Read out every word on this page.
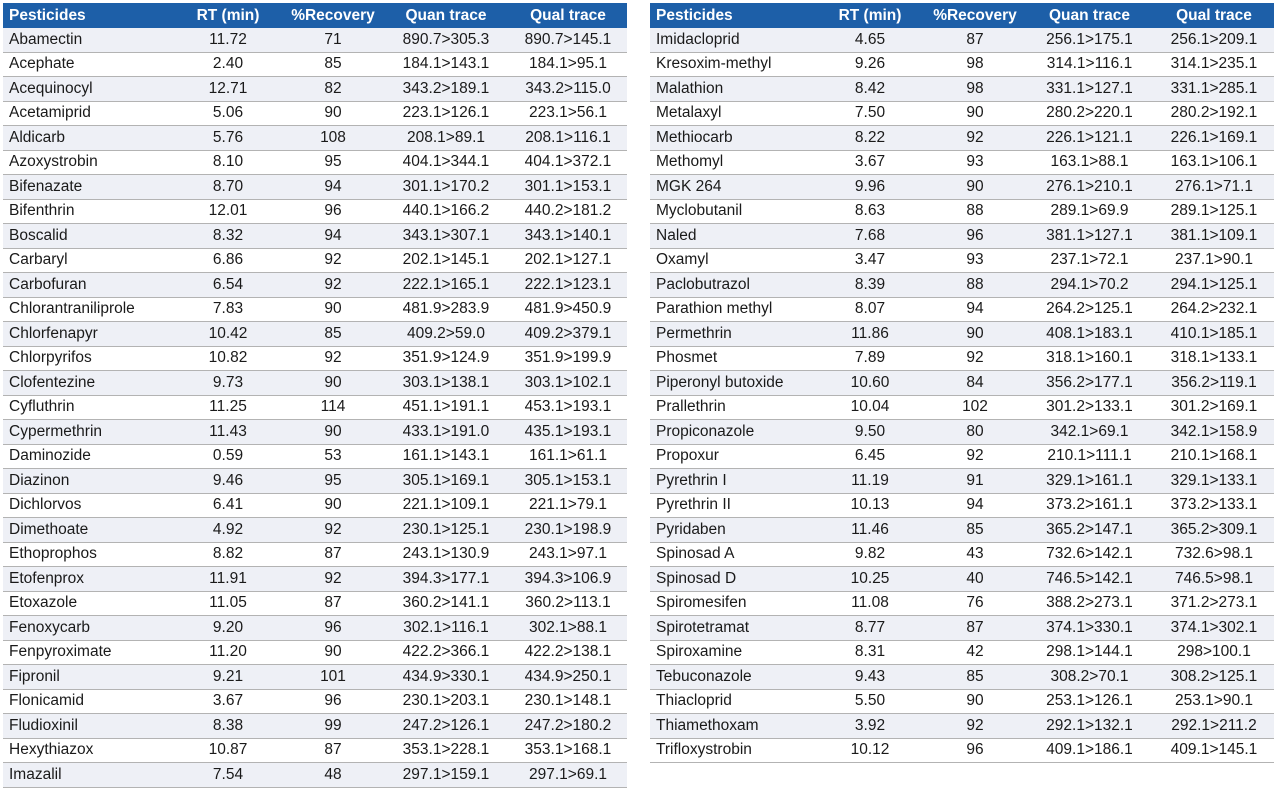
Pesticides	RT (min)	%Recovery	Quan trace	Qual trace
Abamectin	11.72	71	890.7>305.3	890.7>145.1
Acephate	2.40	85	184.1>143.1	184.1>95.1
Acequinocyl	12.71	82	343.2>189.1	343.2>115.0
Acetamiprid	5.06	90	223.1>126.1	223.1>56.1
Aldicarb	5.76	108	208.1>89.1	208.1>116.1
Azoxystrobin	8.10	95	404.1>344.1	404.1>372.1
Bifenazate	8.70	94	301.1>170.2	301.1>153.1
Bifenthrin	12.01	96	440.1>166.2	440.2>181.2
Boscalid	8.32	94	343.1>307.1	343.1>140.1
Carbaryl	6.86	92	202.1>145.1	202.1>127.1
Carbofuran	6.54	92	222.1>165.1	222.1>123.1
Chlorantraniliprole	7.83	90	481.9>283.9	481.9>450.9
Chlorfenapyr	10.42	85	409.2>59.0	409.2>379.1
Chlorpyrifos	10.82	92	351.9>124.9	351.9>199.9
Clofentezine	9.73	90	303.1>138.1	303.1>102.1
Cyfluthrin	11.25	114	451.1>191.1	453.1>193.1
Cypermethrin	11.43	90	433.1>191.0	435.1>193.1
Daminozide	0.59	53	161.1>143.1	161.1>61.1
Diazinon	9.46	95	305.1>169.1	305.1>153.1
Dichlorvos	6.41	90	221.1>109.1	221.1>79.1
Dimethoate	4.92	92	230.1>125.1	230.1>198.9
Ethoprophos	8.82	87	243.1>130.9	243.1>97.1
Etofenprox	11.91	92	394.3>177.1	394.3>106.9
Etoxazole	11.05	87	360.2>141.1	360.2>113.1
Fenoxycarb	9.20	96	302.1>116.1	302.1>88.1
Fenpyroximate	11.20	90	422.2>366.1	422.2>138.1
Fipronil	9.21	101	434.9>330.1	434.9>250.1
Flonicamid	3.67	96	230.1>203.1	230.1>148.1
Fludioxinil	8.38	99	247.2>126.1	247.2>180.2
Hexythiazox	10.87	87	353.1>228.1	353.1>168.1
Imazalil	7.54	48	297.1>159.1	297.1>69.1
Pesticides	RT (min)	%Recovery	Quan trace	Qual trace
Imidacloprid	4.65	87	256.1>175.1	256.1>209.1
Kresoxim-methyl	9.26	98	314.1>116.1	314.1>235.1
Malathion	8.42	98	331.1>127.1	331.1>285.1
Metalaxyl	7.50	90	280.2>220.1	280.2>192.1
Methiocarb	8.22	92	226.1>121.1	226.1>169.1
Methomyl	3.67	93	163.1>88.1	163.1>106.1
MGK 264	9.96	90	276.1>210.1	276.1>71.1
Myclobutanil	8.63	88	289.1>69.9	289.1>125.1
Naled	7.68	96	381.1>127.1	381.1>109.1
Oxamyl	3.47	93	237.1>72.1	237.1>90.1
Paclobutrazol	8.39	88	294.1>70.2	294.1>125.1
Parathion methyl	8.07	94	264.2>125.1	264.2>232.1
Permethrin	11.86	90	408.1>183.1	410.1>185.1
Phosmet	7.89	92	318.1>160.1	318.1>133.1
Piperonyl butoxide	10.60	84	356.2>177.1	356.2>119.1
Prallethrin	10.04	102	301.2>133.1	301.2>169.1
Propiconazole	9.50	80	342.1>69.1	342.1>158.9
Propoxur	6.45	92	210.1>111.1	210.1>168.1
Pyrethrin I	11.19	91	329.1>161.1	329.1>133.1
Pyrethrin II	10.13	94	373.2>161.1	373.2>133.1
Pyridaben	11.46	85	365.2>147.1	365.2>309.1
Spinosad A	9.82	43	732.6>142.1	732.6>98.1
Spinosad D	10.25	40	746.5>142.1	746.5>98.1
Spiromesifen	11.08	76	388.2>273.1	371.2>273.1
Spirotetramat	8.77	87	374.1>330.1	374.1>302.1
Spiroxamine	8.31	42	298.1>144.1	298>100.1
Tebuconazole	9.43	85	308.2>70.1	308.2>125.1
Thiacloprid	5.50	90	253.1>126.1	253.1>90.1
Thiamethoxam	3.92	92	292.1>132.1	292.1>211.2
Trifloxystrobin	10.12	96	409.1>186.1	409.1>145.1
